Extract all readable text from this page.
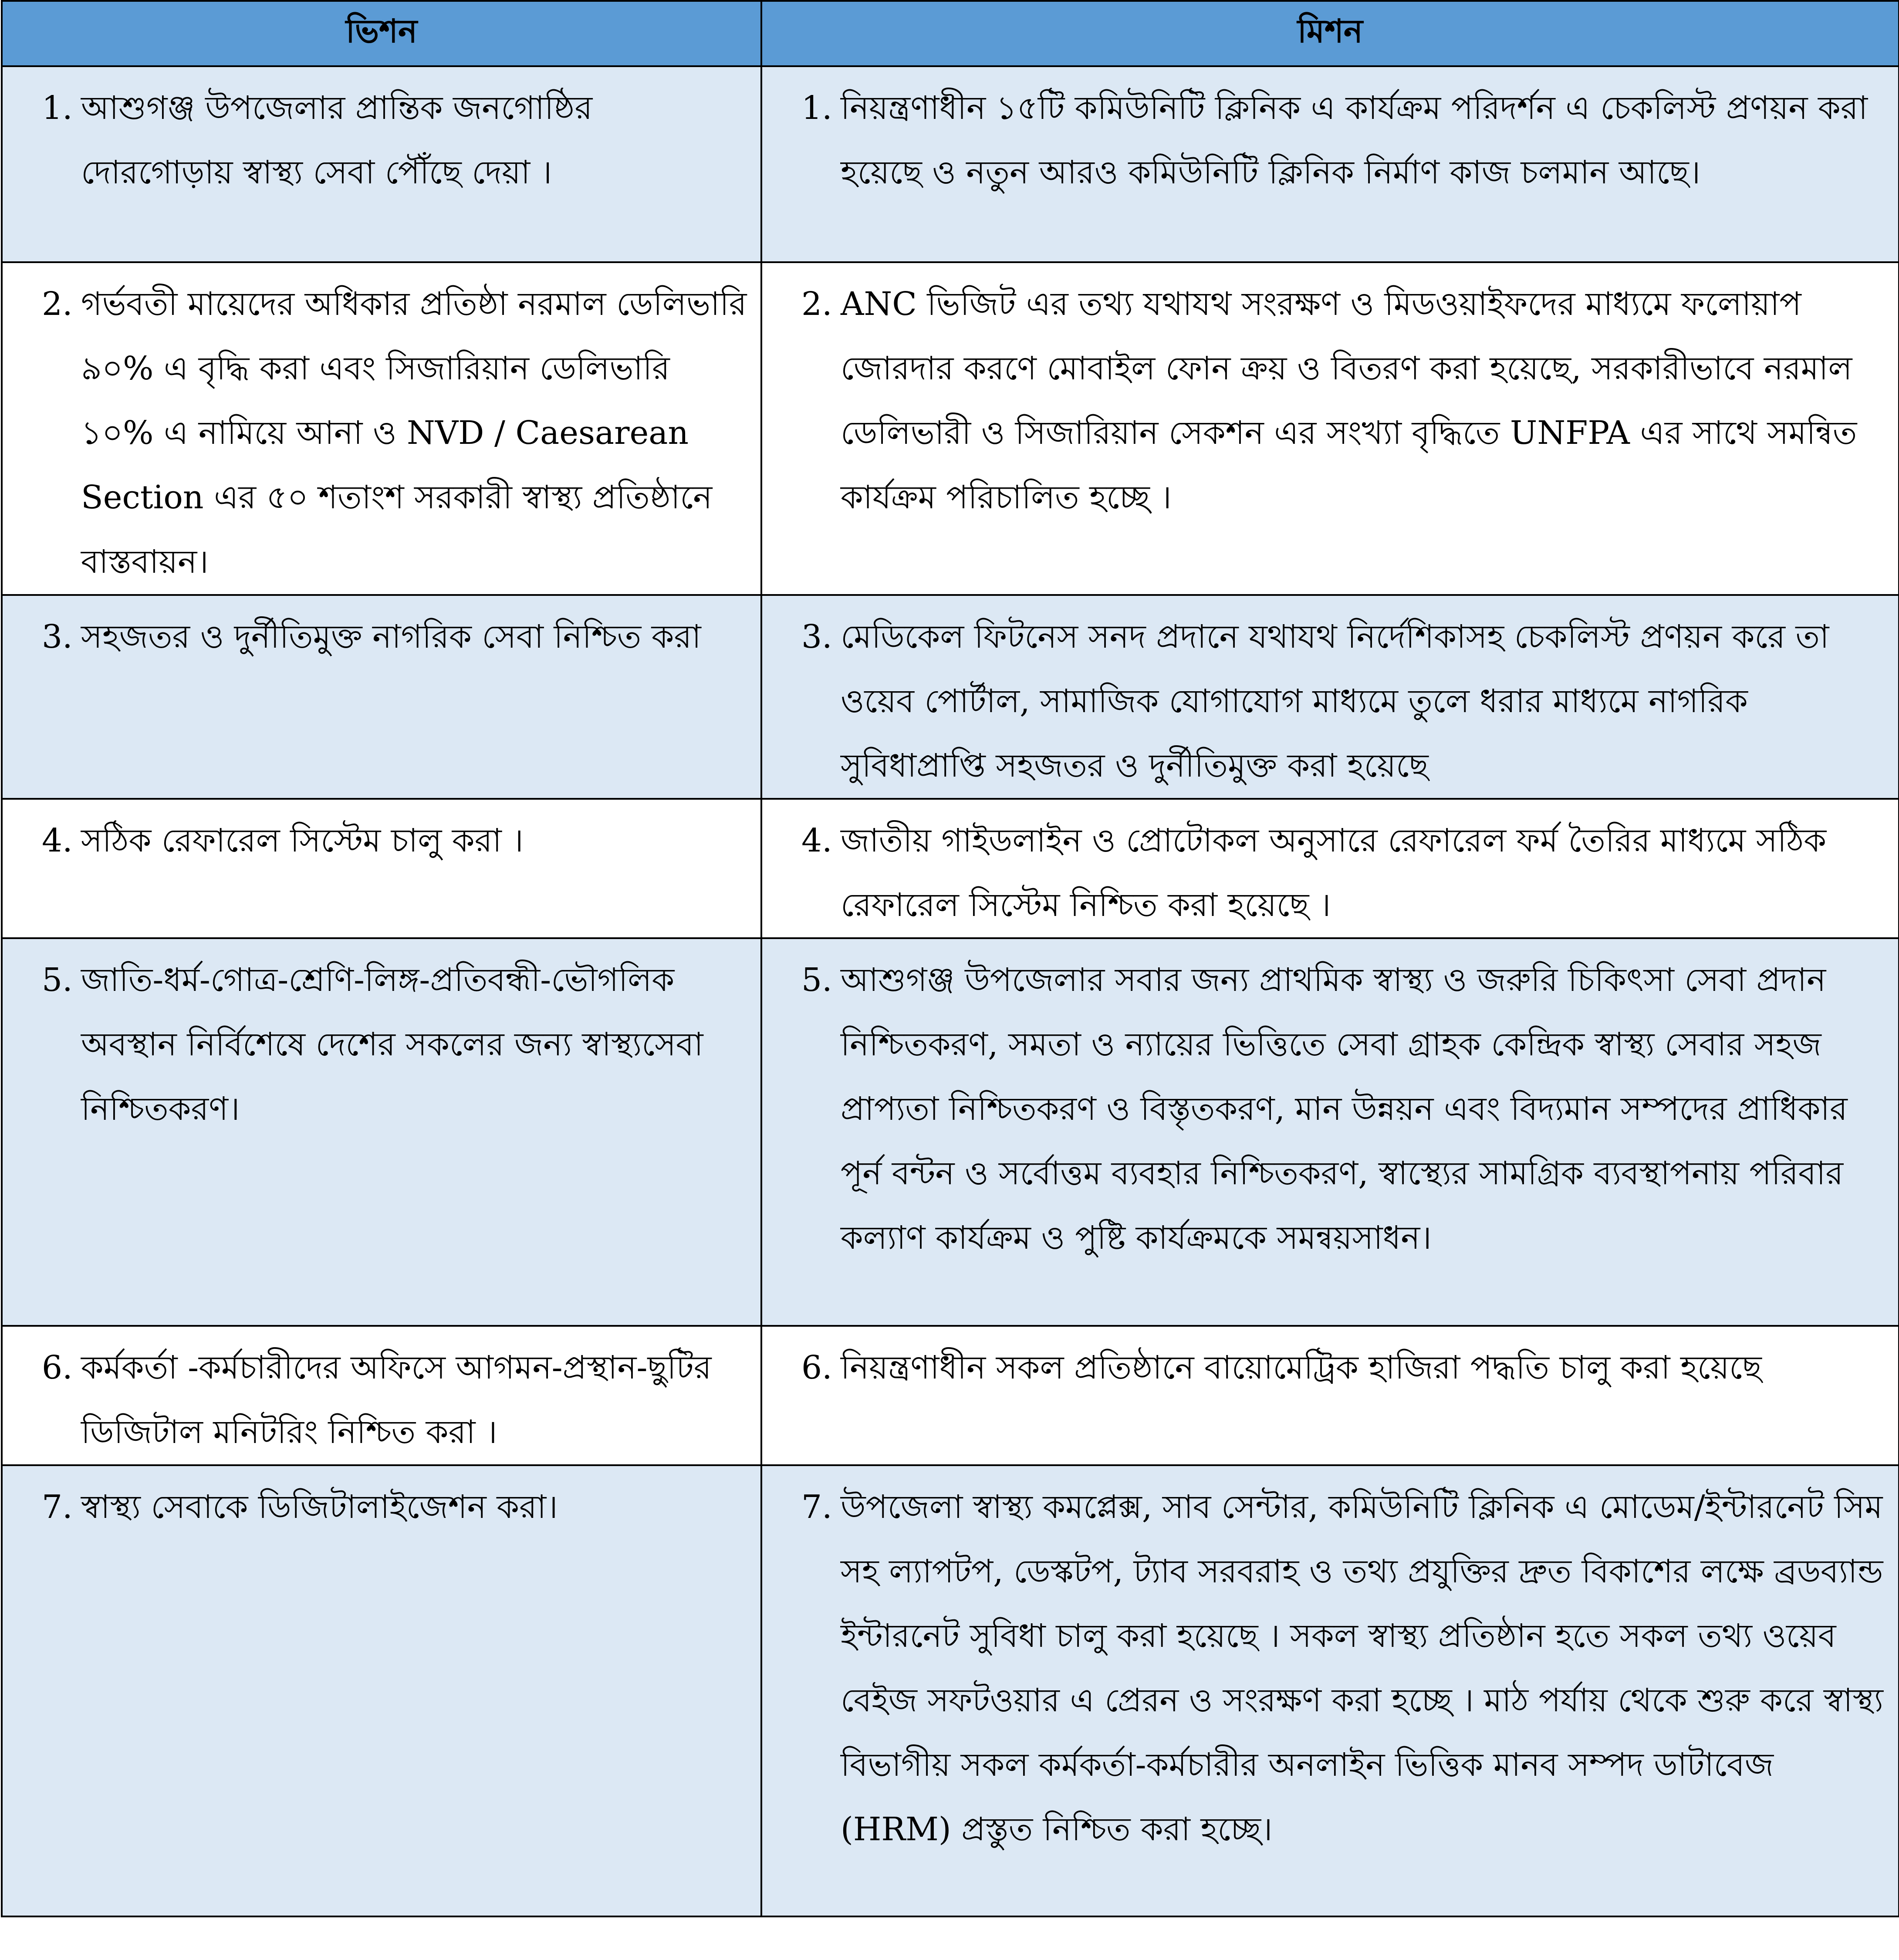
ভিশন	মিশন

1. আশুগঞ্জ উপজেলার প্রান্তিক জনগোষ্ঠির দোরগোড়ায় স্বাস্থ্য সেবা পৌঁছে দেয়া ।	1. নিয়ন্ত্রণাধীন ১৫টি কমিউনিটি ক্লিনিক এ কার্যক্রম পরিদর্শন এ চেকলিস্ট প্রণয়ন করা হয়েছে ও নতুন আরও কমিউনিটি ক্লিনিক নির্মাণ কাজ চলমান আছে।

2. গর্ভবতী মায়েদের অধিকার প্রতিষ্ঠা নরমাল ডেলিভারি ৯০% এ বৃদ্ধি করা এবং সিজারিয়ান ডেলিভারি ১০% এ নামিয়ে আনা ও NVD / Caesarean Section এর ৫০ শতাংশ সরকারী স্বাস্থ্য প্রতিষ্ঠানে বাস্তবায়ন।	2. ANC ভিজিট এর তথ্য যথাযথ সংরক্ষণ ও মিডওয়াইফদের মাধ্যমে ফলোয়াপ জোরদার করণে মোবাইল ফোন ক্রয় ও বিতরণ করা হয়েছে, সরকারীভাবে নরমাল ডেলিভারী ও সিজারিয়ান সেকশন এর সংখ্যা বৃদ্ধিতে UNFPA এর সাথে সমন্বিত কার্যক্রম পরিচালিত হচ্ছে ।

3. সহজতর ও দুর্নীতিমুক্ত নাগরিক সেবা নিশ্চিত করা	3. মেডিকেল ফিটনেস সনদ প্রদানে যথাযথ নির্দেশিকাসহ চেকলিস্ট প্রণয়ন করে তা ওয়েব পোর্টাল, সামাজিক যোগাযোগ মাধ্যমে তুলে ধরার মাধ্যমে নাগরিক সুবিধাপ্রাপ্তি সহজতর ও দুর্নীতিমুক্ত করা হয়েছে

4. সঠিক রেফারেল সিস্টেম চালু করা ।	4. জাতীয় গাইডলাইন ও প্রোটোকল অনুসারে রেফারেল ফর্ম তৈরির মাধ্যমে সঠিক রেফারেল সিস্টেম নিশ্চিত করা হয়েছে ।

5. জাতি-ধর্ম-গোত্র-শ্রেণি-লিঙ্গ-প্রতিবন্ধী-ভৌগলিক অবস্থান নির্বিশেষে দেশের সকলের জন্য স্বাস্থ্যসেবা নিশ্চিতকরণ।	5. আশুগঞ্জ উপজেলার সবার জন্য প্রাথমিক স্বাস্থ্য ও জরুরি চিকিৎসা সেবা প্রদান নিশ্চিতকরণ, সমতা ও ন্যায়ের ভিত্তিতে সেবা গ্রাহক কেন্দ্রিক স্বাস্থ্য সেবার সহজ প্রাপ্যতা নিশ্চিতকরণ ও বিস্তৃতকরণ, মান উন্নয়ন এবং বিদ্যমান সম্পদের প্রাধিকার পূর্ন বন্টন ও সর্বোত্তম ব্যবহার নিশ্চিতকরণ, স্বাস্থ্যের সামগ্রিক ব্যবস্থাপনায় পরিবার কল্যাণ কার্যক্রম ও পুষ্টি কার্যক্রমকে সমন্বয়সাধন।

6. কর্মকর্তা -কর্মচারীদের অফিসে আগমন-প্রস্থান-ছুটির ডিজিটাল মনিটরিং নিশ্চিত করা ।	6. নিয়ন্ত্রণাধীন সকল প্রতিষ্ঠানে বায়োমেট্রিক হাজিরা পদ্ধতি চালু করা হয়েছে

7. স্বাস্থ্য সেবাকে ডিজিটালাইজেশন করা।	7. উপজেলা স্বাস্থ্য কমপ্লেক্স, সাব সেন্টার, কমিউনিটি ক্লিনিক এ মোডেম/ইন্টারনেট সিম সহ ল্যাপটপ, ডেস্কটপ, ট্যাব সরবরাহ ও তথ্য প্রযুক্তির দ্রুত বিকাশের লক্ষে ব্রডব্যান্ড ইন্টারনেট সুবিধা চালু করা হয়েছে । সকল স্বাস্থ্য প্রতিষ্ঠান হতে সকল তথ্য ওয়েব বেইজ সফটওয়ার এ প্রেরন ও সংরক্ষণ করা হচ্ছে । মাঠ পর্যায় থেকে শুরু করে স্বাস্থ্য বিভাগীয় সকল কর্মকর্তা-কর্মচারীর অনলাইন ভিত্তিক মানব সম্পদ ডাটাবেজ (HRM) প্রস্তুত নিশ্চিত করা হচ্ছে।
